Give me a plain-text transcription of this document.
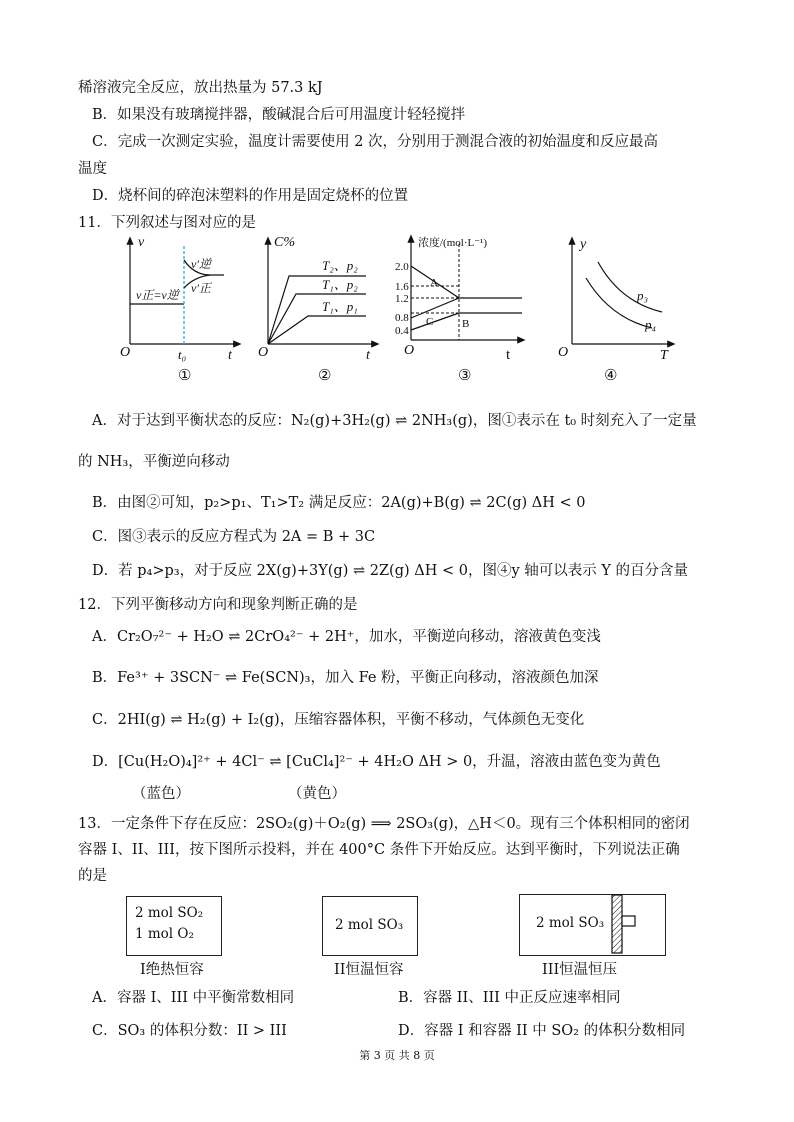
稀溶液完全反应，放出热量为 57.3 kJ
B．如果没有玻璃搅拌器，酸碱混合后可用温度计轻轻搅拌
C．完成一次测定实验，温度计需要使用 2 次，分别用于测混合液的初始温度和反应最高
温度
D．烧杯间的碎泡沫塑料的作用是固定烧杯的位置
11．下列叙述与图对应的是
v
t
O	t₀
v′逆
v′正
v正=v逆
①
C%
t
O
T₂、p₂
T₁、p₂
T₁、p₁
②
浓度/(mol·L⁻¹)
t
O
2.0
1.6
1.2
0.8
0.4
A
B
C
③
y
T
O
p₃
p₄
④
A．对于达到平衡状态的反应：N₂(g)+3H₂(g) ⇌ 2NH₃(g)，图①表示在 t₀ 时刻充入了一定量
的 NH₃，平衡逆向移动
B．由图②可知，p₂>p₁、T₁>T₂ 满足反应：2A(g)+B(g) ⇌ 2C(g) ΔH < 0
C．图③表示的反应方程式为 2A = B + 3C
D．若 p₄>p₃，对于反应 2X(g)+3Y(g) ⇌ 2Z(g) ΔH < 0，图④y 轴可以表示 Y 的百分含量
12．下列平衡移动方向和现象判断正确的是
A．Cr₂O₇²⁻ + H₂O ⇌ 2CrO₄²⁻ + 2H⁺，加水，平衡逆向移动，溶液黄色变浅
B．Fe³⁺ + 3SCN⁻ ⇌ Fe(SCN)₃，加入 Fe 粉，平衡正向移动，溶液颜色加深
C．2HI(g) ⇌ H₂(g) + I₂(g)，压缩容器体积，平衡不移动，气体颜色无变化
D．[Cu(H₂O)₄]²⁺ + 4Cl⁻ ⇌ [CuCl₄]²⁻ + 4H₂O ΔH > 0，升温，溶液由蓝色变为黄色
（蓝色）	（黄色）
13．一定条件下存在反应：2SO₂(g)＋O₂(g) ⟹ 2SO₃(g)，△H＜0。现有三个体积相同的密闭
容器 I、II、III，按下图所示投料，并在 400°C 条件下开始反应。达到平衡时，下列说法正确
的是
2 mol SO₂
1 mol O₂
I绝热恒容
2 mol SO₃
II恒温恒容
2 mol SO₃
III恒温恒压
A．容器 I、III 中平衡常数相同	B．容器 II、III 中正反应速率相同
C．SO₃ 的体积分数：II > III	D．容器 I 和容器 II 中 SO₂ 的体积分数相同
第 3 页 共 8 页
